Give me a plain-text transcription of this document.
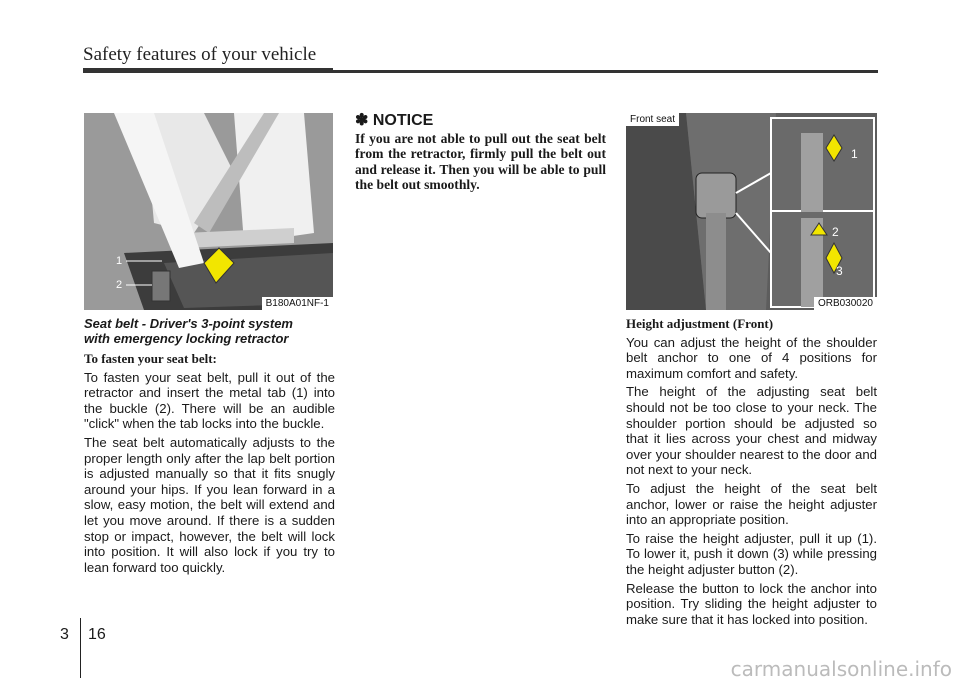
Safety features of your vehicle
1
2
B180A01NF-1
1
2
3
Front seat
ORB030020
Seat belt - Driver's 3-point system
with emergency locking retractor

To fasten your seat belt:

To fasten your seat belt, pull it out of the retractor and insert the metal tab (1) into the buckle (2). There will be an audible "click" when the tab locks into the buckle.

The seat belt automatically adjusts to the proper length only after the lap belt portion is adjusted manually so that it fits snugly around your hips. If you lean forward in a slow, easy motion, the belt will extend and let you move around. If there is a sudden stop or impact, however, the belt will lock into position. It will also lock if you try to lean forward too quickly.

✽ NOTICE

If you are not able to pull out the seat belt from the retractor, firmly pull the belt out and release it. Then you will be able to pull the belt out smoothly.

Height adjustment (Front)

You can adjust the height of the shoulder belt anchor to one of 4 positions for maximum comfort and safety.

The height of the adjusting seat belt should not be too close to your neck. The shoulder portion should be adjusted so that it lies across your chest and midway over your shoulder nearest to the door and not next to your neck.

To adjust the height of the seat belt anchor, lower or raise the height adjuster into an appropriate position.

To raise the height adjuster, pull it up (1). To lower it, push it down (3) while pressing the height adjuster button (2).

Release the button to lock the anchor into position. Try sliding the height adjuster to make sure that it has locked into position.

3 16
carmanualsonline.info
